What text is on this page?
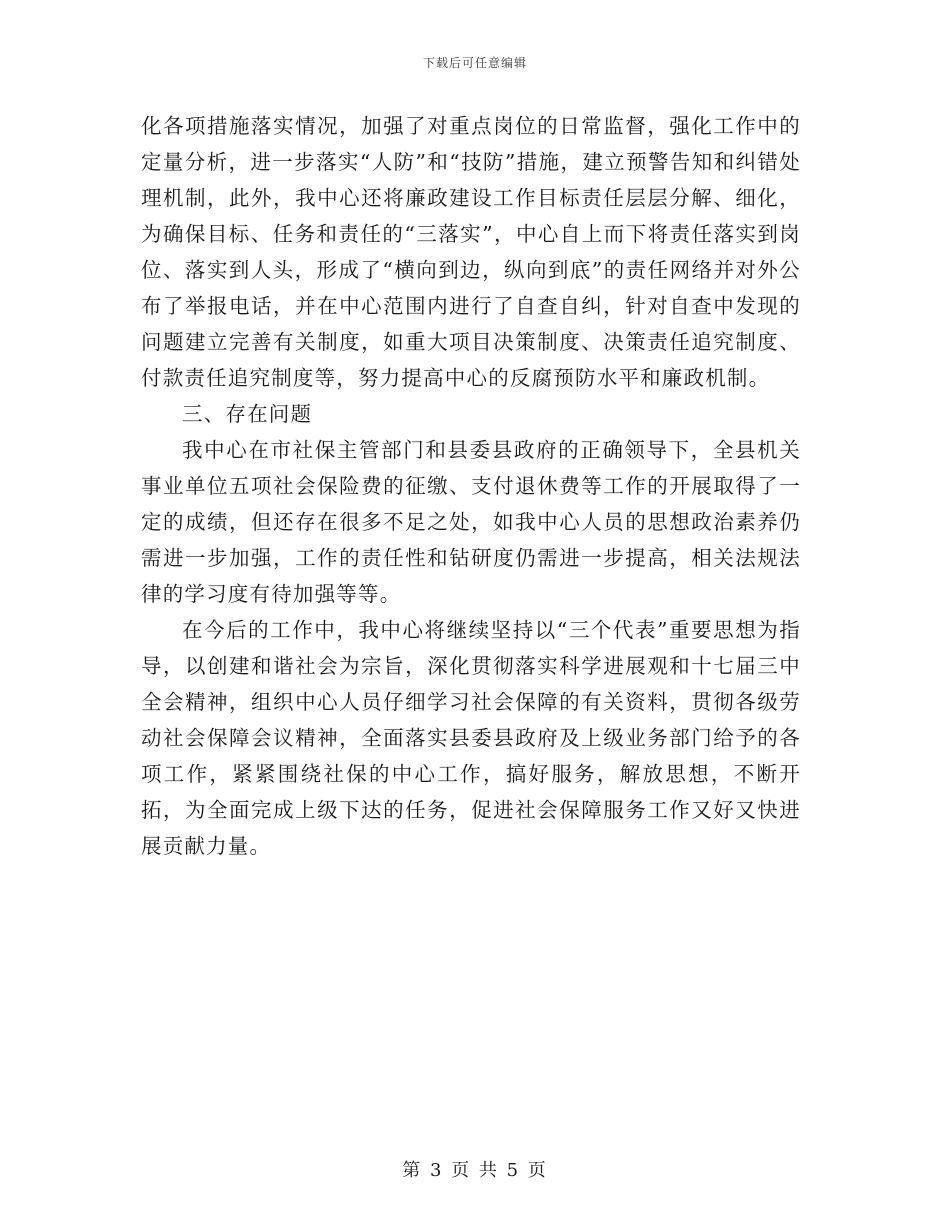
下载后可任意编辑

化各项措施落实情况，加强了对重点岗位的日常监督，强化工作中的定量分析，进一步落实“人防”和“技防”措施，建立预警告知和纠错处理机制，此外，我中心还将廉政建设工作目标责任层层分解、细化，为确保目标、任务和责任的“三落实”，中心自上而下将责任落实到岗位、落实到人头，形成了“横向到边，纵向到底”的责任网络并对外公布了举报电话，并在中心范围内进行了自查自纠，针对自查中发现的问题建立完善有关制度，如重大项目决策制度、决策责任追究制度、付款责任追究制度等，努力提高中心的反腐预防水平和廉政机制。

三、存在问题

我中心在市社保主管部门和县委县政府的正确领导下，全县机关事业单位五项社会保险费的征缴、支付退休费等工作的开展取得了一定的成绩，但还存在很多不足之处，如我中心人员的思想政治素养仍需进一步加强，工作的责任性和钻研度仍需进一步提高，相关法规法律的学习度有待加强等等。

在今后的工作中，我中心将继续坚持以“三个代表”重要思想为指导，以创建和谐社会为宗旨，深化贯彻落实科学进展观和十七届三中全会精神，组织中心人员仔细学习社会保障的有关资料，贯彻各级劳动社会保障会议精神，全面落实县委县政府及上级业务部门给予的各项工作，紧紧围绕社保的中心工作，搞好服务，解放思想，不断开拓，为全面完成上级下达的任务，促进社会保障服务工作又好又快进展贡献力量。

第 3 页 共 5 页
